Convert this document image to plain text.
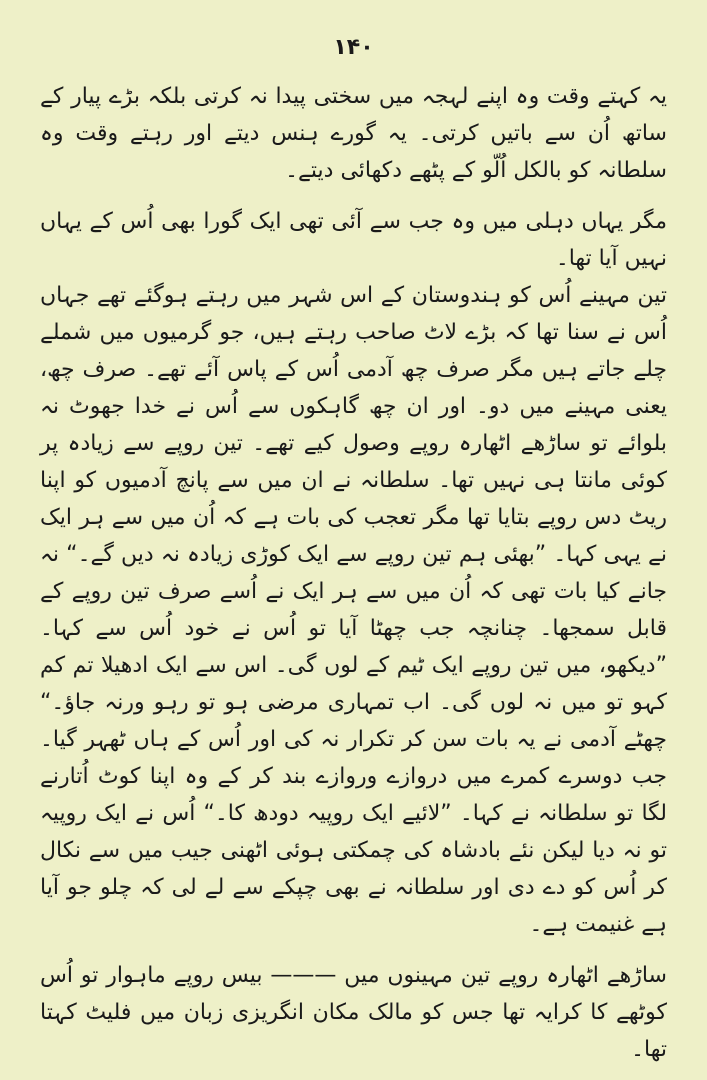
۱۴۰

یہ کہتے وقت وہ اپنے لہجہ میں سختی پیدا نہ کرتی بلکہ بڑے پیار کے ساتھ اُن سے باتیں کرتی۔ یہ گورے ہنس دیتے اور رہتے وقت وہ سلطانہ کو بالکل اُلّو کے پٹھے دکھائی دیتے۔

مگر یہاں دہلی میں وہ جب سے آئی تھی ایک گورا بھی اُس کے یہاں نہیں آیا تھا۔

تین مہینے اُس کو ہندوستان کے اس شہر میں رہتے ہوگئے تھے جہاں اُس نے سنا تھا کہ بڑے لاٹ صاحب رہتے ہیں، جو گرمیوں میں شملے چلے جاتے ہیں مگر صرف چھ آدمی اُس کے پاس آئے تھے۔ صرف چھ، یعنی مہینے میں دو۔ اور ان چھ گاہکوں سے اُس نے خدا جھوٹ نہ بلوائے تو ساڑھے اٹھارہ روپے وصول کیے تھے۔ تین روپے سے زیادہ پر کوئی مانتا ہی نہیں تھا۔ سلطانہ نے ان میں سے پانچ آدمیوں کو اپنا ریٹ دس روپے بتایا تھا مگر تعجب کی بات ہے کہ اُن میں سے ہر ایک نے یہی کہا۔ ”بھئی ہم تین روپے سے ایک کوڑی زیادہ نہ دیں گے۔“ نہ جانے کیا بات تھی کہ اُن میں سے ہر ایک نے اُسے صرف تین روپے کے قابل سمجھا۔ چنانچہ جب چھٹا آیا تو اُس نے خود اُس سے کہا۔ ”دیکھو، میں تین روپے ایک ٹیم کے لوں گی۔ اس سے ایک ادھیلا تم کم کہو تو میں نہ لوں گی۔ اب تمہاری مرضی ہو تو رہو ورنہ جاؤ۔“ چھٹے آدمی نے یہ بات سن کر تکرار نہ کی اور اُس کے ہاں ٹھہر گیا۔ جب دوسرے کمرے میں دروازے وروازے بند کر کے وہ اپنا کوٹ اُتارنے لگا تو سلطانہ نے کہا۔ ”لائیے ایک روپیہ دودھ کا۔“ اُس نے ایک روپیہ تو نہ دیا لیکن نئے بادشاہ کی چمکتی ہوئی اٹھنی جیب میں سے نکال کر اُس کو دے دی اور سلطانہ نے بھی چپکے سے لے لی کہ چلو جو آیا ہے غنیمت ہے۔

ساڑھے اٹھارہ روپے تین مہینوں میں ——— بیس روپے ماہوار تو اُس کوٹھے کا کرایہ تھا جس کو مالک مکان انگریزی زبان میں فلیٹ کہتا تھا۔
